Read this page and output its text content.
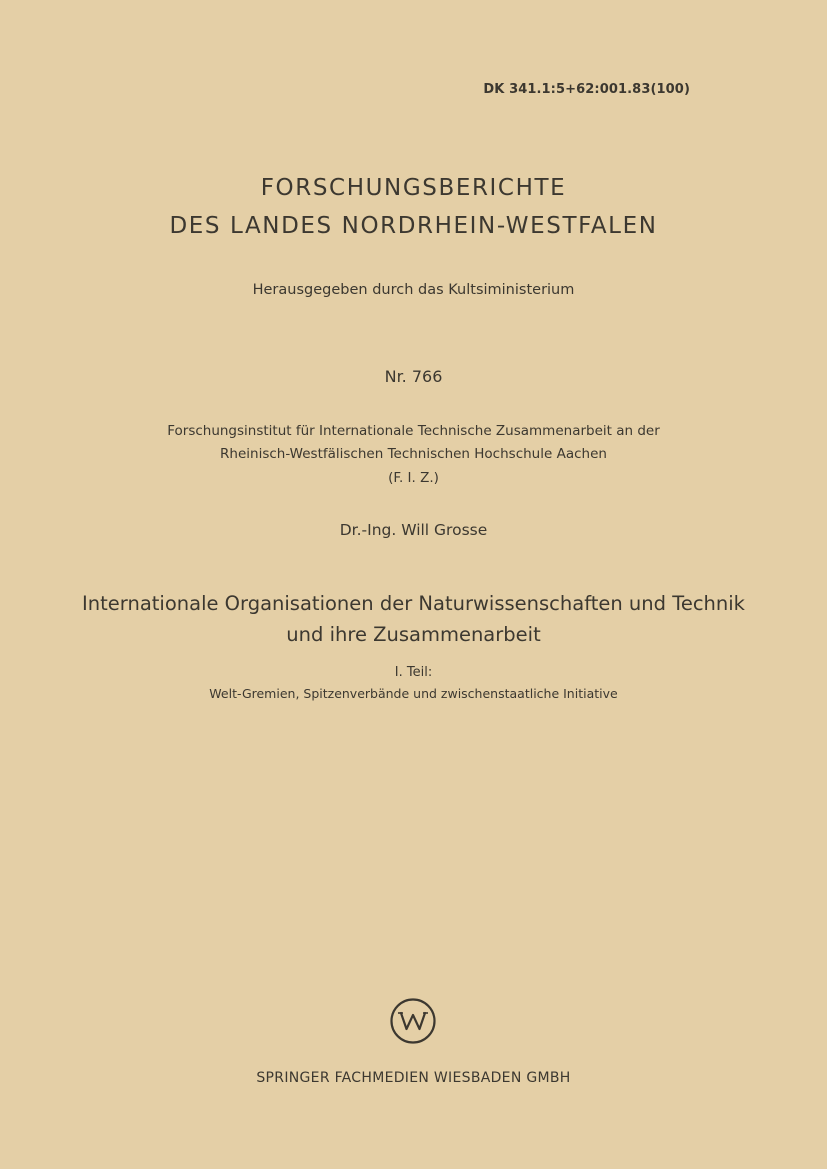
DK 341.1:5+62:001.83(100)
FORSCHUNGSBERICHTE
DES LANDES NORDRHEIN-WESTFALEN
Herausgegeben durch das Kultsiministerium
Nr. 766
Forschungsinstitut für Internationale Technische Zusammenarbeit an der
Rheinisch-Westfälischen Technischen Hochschule Aachen
(F. I. Z.)
Dr.-Ing. Will Grosse
Internationale Organisationen der Naturwissenschaften und Technik
und ihre Zusammenarbeit
I. Teil:
Welt-Gremien, Spitzenverbände und zwischenstaatliche Initiative
SPRINGER FACHMEDIEN WIESBADEN GMBH
